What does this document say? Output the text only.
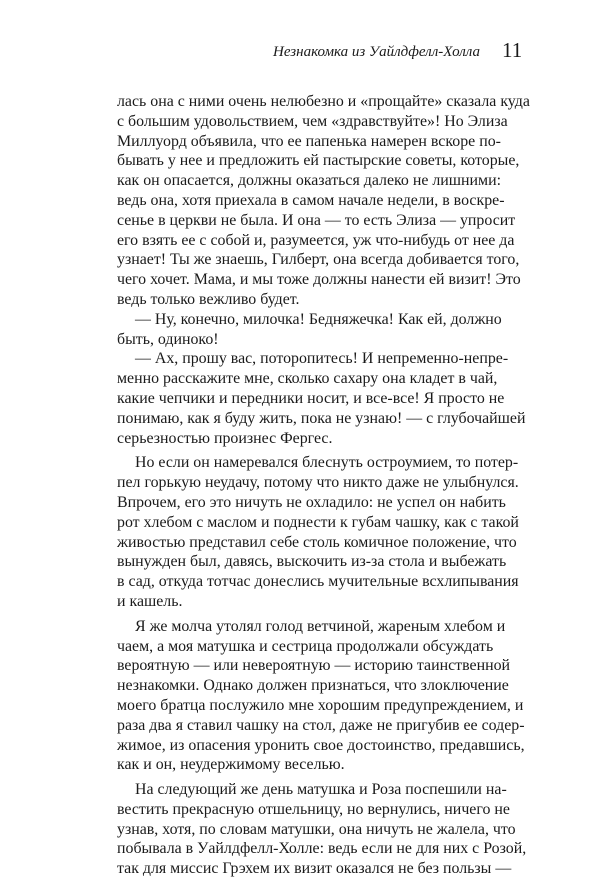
Незнакомка из Уайлдфелл-Холла 11
лась она с ними очень нелюбезно и «прощайте» сказала куда
с большим удовольствием, чем «здравствуйте»! Но Элиза
Миллуорд объявила, что ее папенька намерен вскоре по-
бывать у нее и предложить ей пастырские советы, которые,
как он опасается, должны оказаться далеко не лишними:
ведь она, хотя приехала в самом начале недели, в воскре-
сенье в церкви не была. И она — то есть Элиза — упросит
его взять ее с собой и, разумеется, уж что-нибудь от нее да
узнает! Ты же знаешь, Гилберт, она всегда добивается того,
чего хочет. Мама, и мы тоже должны нанести ей визит! Это
ведь только вежливо будет.
— Ну, конечно, милочка! Бедняжечка! Как ей, должно
быть, одиноко!
— Ах, прошу вас, поторопитесь! И непременно-непре-
менно расскажите мне, сколько сахару она кладет в чай,
какие чепчики и передники носит, и все-все! Я просто не
понимаю, как я буду жить, пока не узнаю! — с глубочайшей
серьезностью произнес Фергес.
Но если он намеревался блеснуть остроумием, то потер-
пел горькую неудачу, потому что никто даже не улыбнулся.
Впрочем, его это ничуть не охладило: не успел он набить
рот хлебом с маслом и поднести к губам чашку, как с такой
живостью представил себе столь комичное положение, что
вынужден был, давясь, выскочить из-за стола и выбежать
в сад, откуда тотчас донеслись мучительные всхлипывания
и кашель.
Я же молча утолял голод ветчиной, жареным хлебом и
чаем, а моя матушка и сестрица продолжали обсуждать
вероятную — или невероятную — историю таинственной
незнакомки. Однако должен признаться, что злоключение
моего братца послужило мне хорошим предупреждением, и
раза два я ставил чашку на стол, даже не пригубив ее содер-
жимое, из опасения уронить свое достоинство, предавшись,
как и он, неудержимому веселью.
На следующий же день матушка и Роза поспешили на-
вестить прекрасную отшельницу, но вернулись, ничего не
узнав, хотя, по словам матушки, она ничуть не жалела, что
побывала в Уайлдфелл-Холле: ведь если не для них с Розой,
так для миссис Грэхем их визит оказался не без пользы —
